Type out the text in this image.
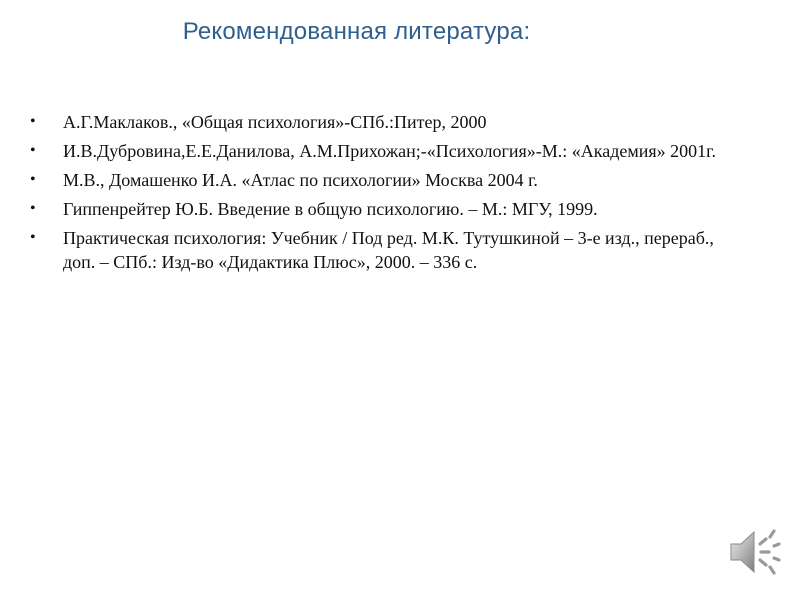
Рекомендованная литература:
• А.Г.Маклаков., «Общая психология»-СПб.:Питер, 2000
• И.В.Дубровина,Е.Е.Данилова, А.М.Прихожан;-«Психология»-М.: «Академия» 2001г.
• М.В., Домашенко И.А. «Атлас по психологии» Москва 2004 г.
• Гиппенрейтер Ю.Б. Введение в общую психологию. – М.: МГУ, 1999.
• Практическая психология: Учебник / Под ред. М.К. Тутушкиной – 3-е изд., перераб., доп. – СПб.: Изд-во «Дидактика Плюс», 2000. – 336 с.
